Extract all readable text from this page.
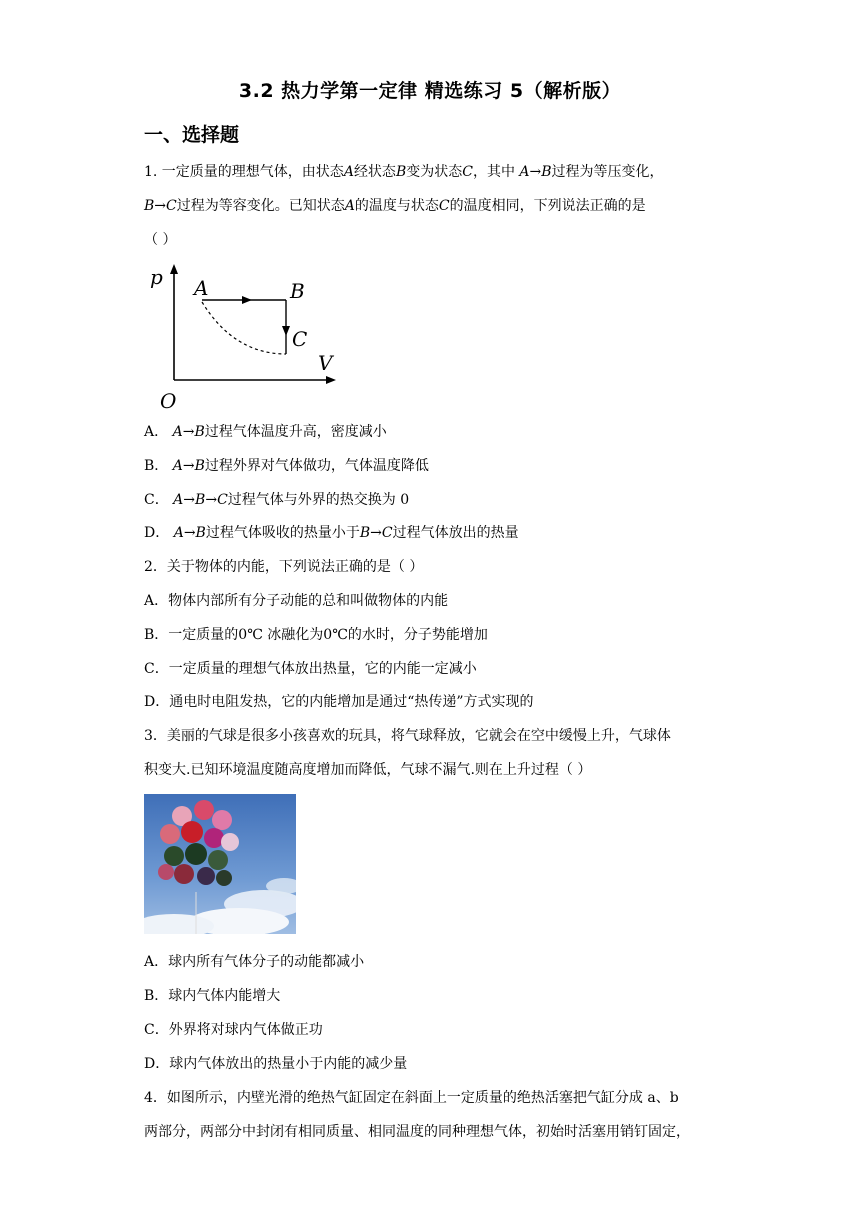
3.2 热力学第一定律 精选练习 5（解析版）
一、选择题
1. 一定质量的理想气体，由状态A经状态B变为状态C，其中 A→B过程为等压变化，
B→C过程为等容变化。已知状态A的温度与状态C的温度相同，下列说法正确的是
（ ）
p
V
O
A	B
C
A． A→B过程气体温度升高，密度减小
B． A→B过程外界对气体做功，气体温度降低
C． A→B→C过程气体与外界的热交换为 0
D． A→B过程气体吸收的热量小于B→C过程气体放出的热量
2．关于物体的内能，下列说法正确的是（ ）
A．物体内部所有分子动能的总和叫做物体的内能
B．一定质量的0℃ 冰融化为0℃的水时，分子势能增加
C．一定质量的理想气体放出热量，它的内能一定减小
D．通电时电阻发热，它的内能增加是通过“热传递”方式实现的
3．美丽的气球是很多小孩喜欢的玩具，将气球释放，它就会在空中缓慢上升，气球体
积变大.已知环境温度随高度增加而降低，气球不漏气.则在上升过程（ ）
A．球内所有气体分子的动能都减小
B．球内气体内能增大
C．外界将对球内气体做正功
D．球内气体放出的热量小于内能的减少量
4．如图所示，内壁光滑的绝热气缸固定在斜面上一定质量的绝热活塞把气缸分成 a、b
两部分，两部分中封闭有相同质量、相同温度的同种理想气体，初始时活塞用销钉固定，
